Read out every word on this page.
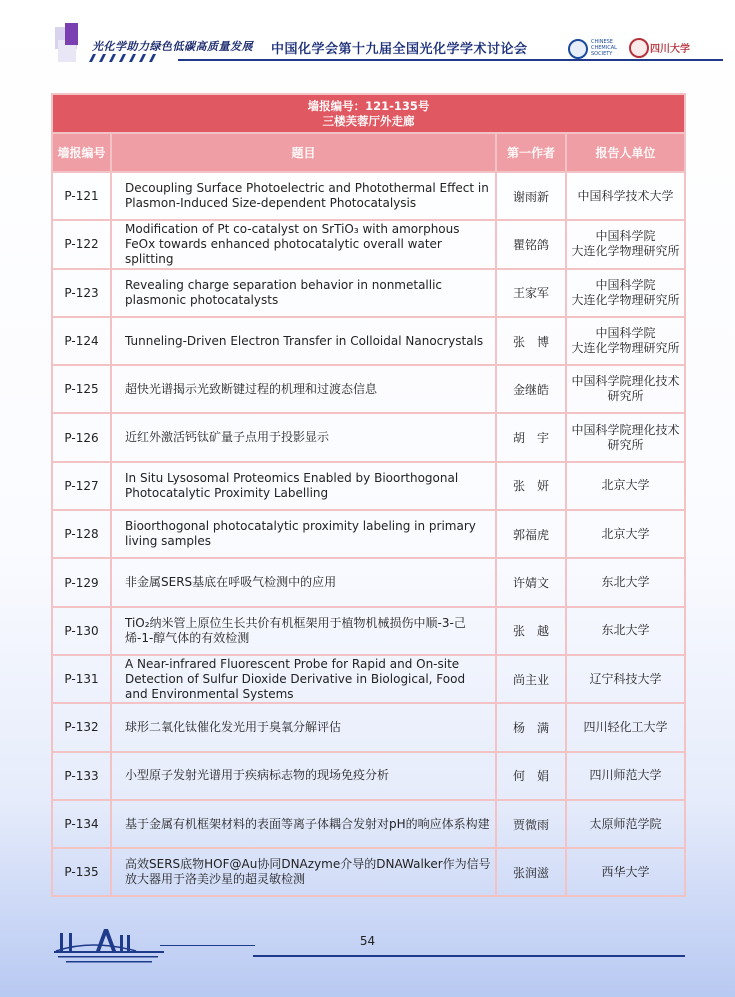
光化学助力绿色低碳高质量发展 中国化学会第十九届全国光化学学术讨论会	CHINESE
CHEMICAL
SOCIETY	四川大学
墙报编号：121-135号
三楼芙蓉厅外走廊			

墙报编号	题目	第一作者	报告人单位
P-121	Decoupling Surface Photoelectric and Photothermal Effect in Plasmon-Induced Size-dependent Photocatalysis	谢雨新	中国科学技术大学

P-122	Modification of Pt co-catalyst on SrTiO₃ with amorphous FeOx towards enhanced photocatalytic overall water splitting	瞿铭鸽	中国科学院
大连化学物理研究所

P-123	Revealing charge separation behavior in nonmetallic plasmonic photocatalysts	王家军	中国科学院
大连化学物理研究所

P-124	Tunneling-Driven Electron Transfer in Colloidal Nanocrystals	张　博	中国科学院
大连化学物理研究所

P-125	超快光谱揭示光致断键过程的机理和过渡态信息	金继皓	中国科学院理化技术
研究所

P-126	近红外激活钙钛矿量子点用于投影显示	胡　宇	中国科学院理化技术
研究所

P-127	In Situ Lysosomal Proteomics Enabled by Bioorthogonal Photocatalytic Proximity Labelling	张　妍	北京大学

P-128	Bioorthogonal photocatalytic proximity labeling in primary living samples	郭福虎	北京大学

P-129	非金属SERS基底在呼吸气检测中的应用	许婧文	东北大学

P-130	TiO₂纳米管上原位生长共价有机框架用于植物机械损伤中顺-3-己烯-1-醇气体的有效检测	张　越	东北大学

P-131	A Near-infrared Fluorescent Probe for Rapid and On-site Detection of Sulfur Dioxide Derivative in Biological, Food and Environmental Systems	尚主业	辽宁科技大学

P-132	球形二氧化钛催化发光用于臭氧分解评估	杨　满	四川轻化工大学

P-133	小型原子发射光谱用于疾病标志物的现场免疫分析	何　娟	四川师范大学

P-134	基于金属有机框架材料的表面等离子体耦合发射对pH的响应体系构建	贾微雨	太原师范学院

P-135	高效SERS底物HOF@Au协同DNAzyme介导的DNAWalker作为信号放大器用于洛美沙星的超灵敏检测	张润滋	西华大学
54
